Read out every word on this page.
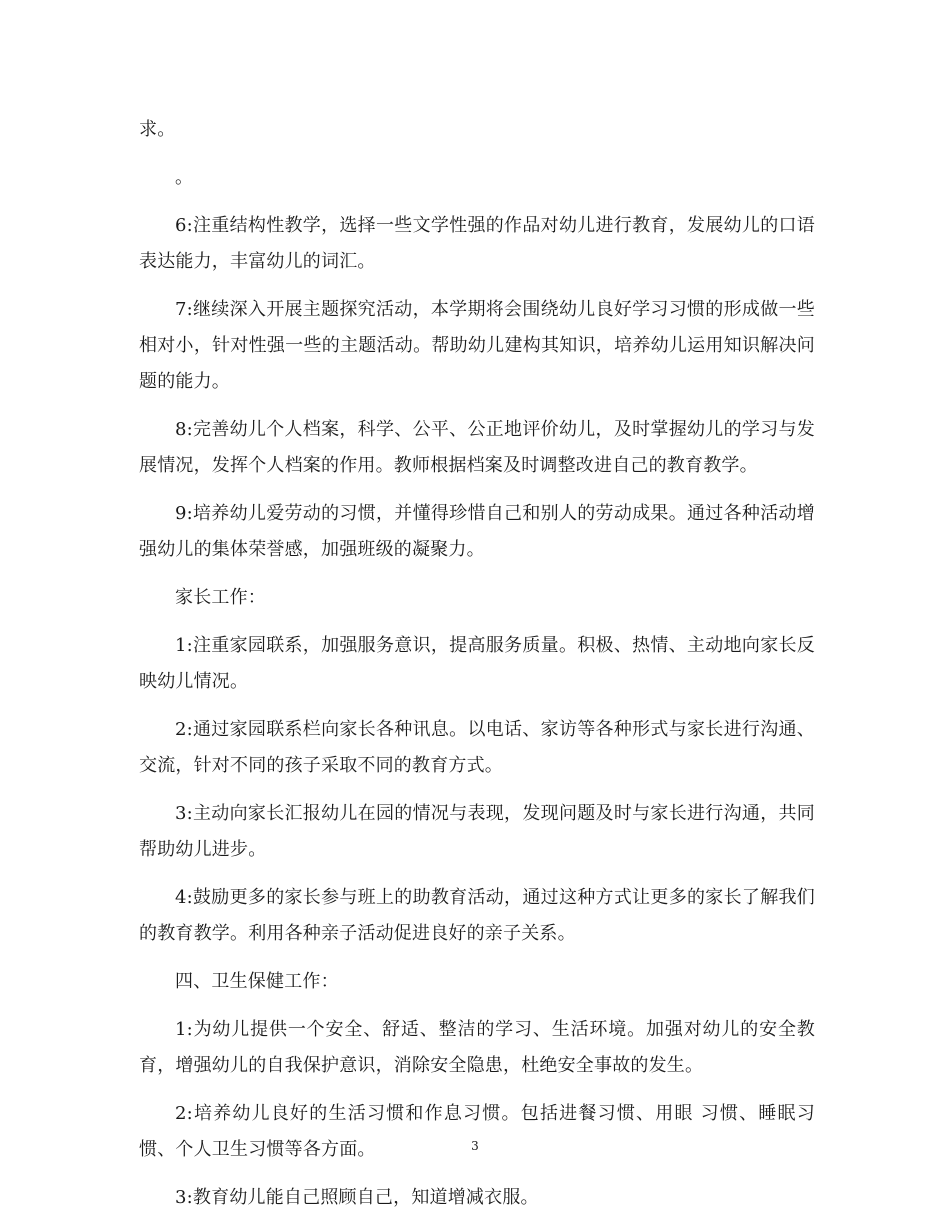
求。

。

6:注重结构性教学，选择一些文学性强的作品对幼儿进行教育，发展幼儿的口语表达能力，丰富幼儿的词汇。

7:继续深入开展主题探究活动，本学期将会围绕幼儿良好学习习惯的形成做一些相对小，针对性强一些的主题活动。帮助幼儿建构其知识，培养幼儿运用知识解决问题的能力。

8:完善幼儿个人档案，科学、公平、公正地评价幼儿，及时掌握幼儿的学习与发展情况，发挥个人档案的作用。教师根据档案及时调整改进自己的教育教学。

9:培养幼儿爱劳动的习惯，并懂得珍惜自己和别人的劳动成果。通过各种活动增强幼儿的集体荣誉感，加强班级的凝聚力。

家长工作：

1:注重家园联系，加强服务意识，提高服务质量。积极、热情、主动地向家长反映幼儿情况。

2:通过家园联系栏向家长各种讯息。以电话、家访等各种形式与家长进行沟通、交流，针对不同的孩子采取不同的教育方式。

3:主动向家长汇报幼儿在园的情况与表现，发现问题及时与家长进行沟通，共同帮助幼儿进步。

4:鼓励更多的家长参与班上的助教育活动，通过这种方式让更多的家长了解我们的教育教学。利用各种亲子活动促进良好的亲子关系。

四、卫生保健工作：

1:为幼儿提供一个安全、舒适、整洁的学习、生活环境。加强对幼儿的安全教育，增强幼儿的自我保护意识，消除安全隐患，杜绝安全事故的发生。

2:培养幼儿良好的生活习惯和作息习惯。包括进餐习惯、用眼 习惯、睡眠习惯、个人卫生习惯等各方面。

3:教育幼儿能自己照顾自己，知道增减衣服。

3
